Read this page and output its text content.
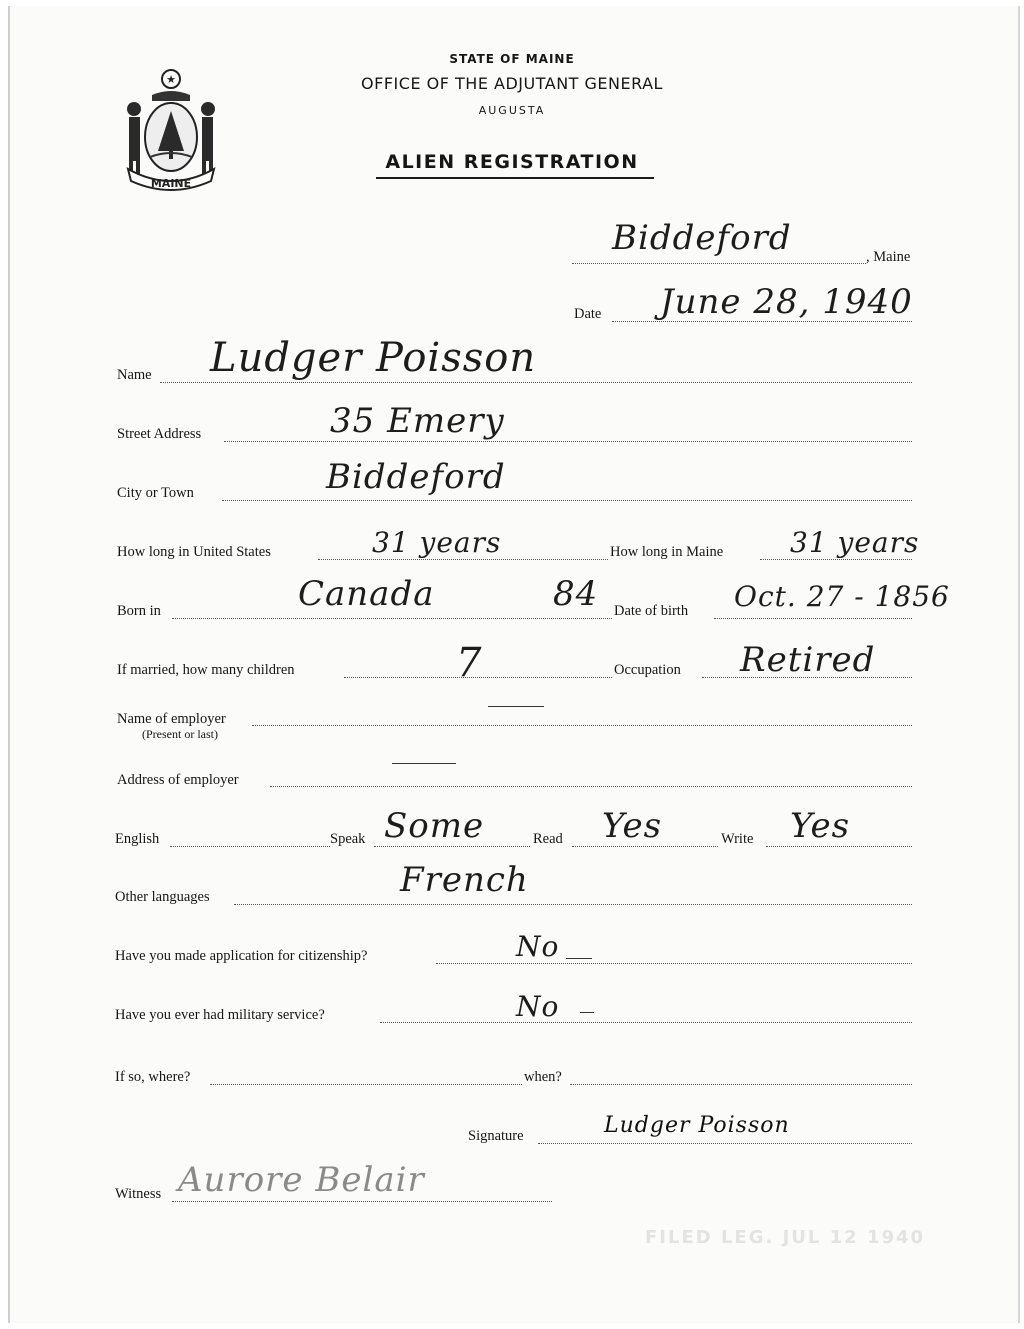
★
MAINE
STATE OF MAINE
OFFICE OF THE ADJUTANT GENERAL
AUGUSTA
ALIEN REGISTRATION
Biddeford	, Maine
Date June 28, 1940
Name Ludger Poisson
Street Address	35 Emery
City or Town	Biddeford
How long in United States	31 years	How long in Maine 31 years
Born in	Canada	84 Date of birth Oct. 27 - 1856
If married, how many children	7	Occupation Retired
Name of employer
(Present or last)
Address of employer
English	Speak Some	Read Yes	Write Yes
Other languages	French
Have you made application for citizenship?	No
Have you ever had military service?	No
If so, where?	when?
Signature	Ludger Poisson
Witness Aurore Belair
FILED LEG. JUL 12 1940
